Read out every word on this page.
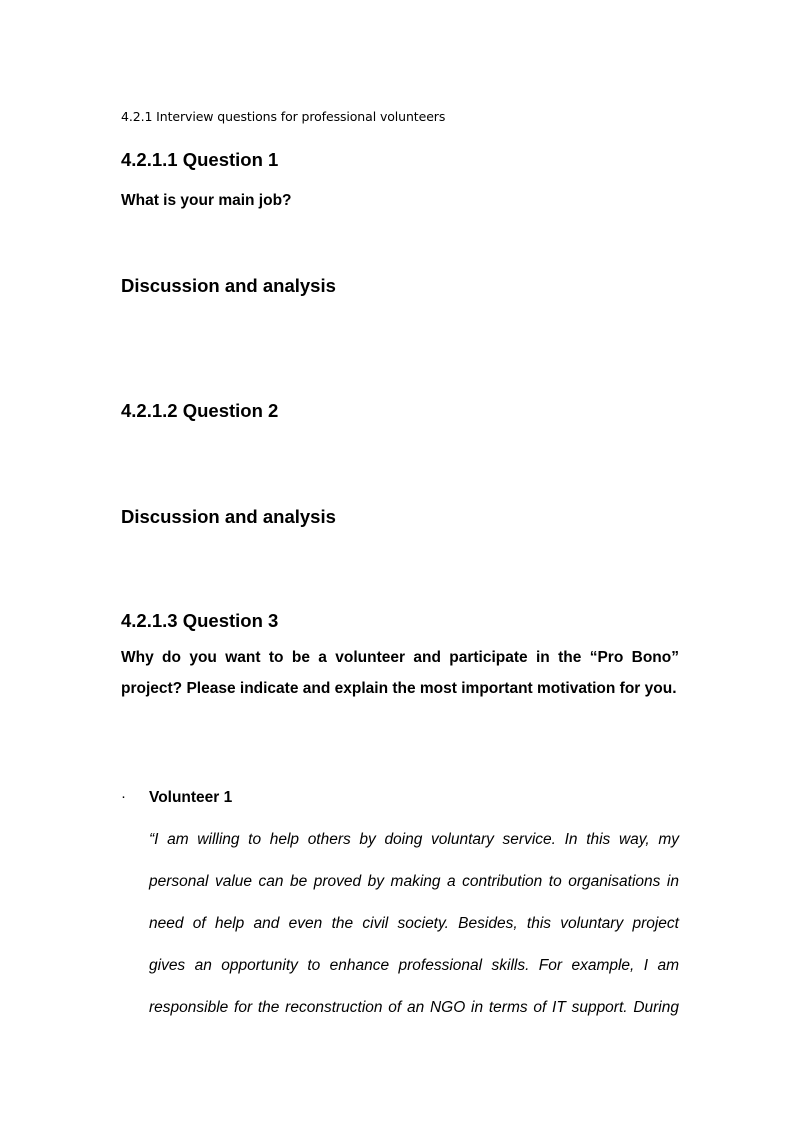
4.2.1 Interview questions for professional volunteers
4.2.1.1 Question 1
What is your main job?
Discussion and analysis
4.2.1.2 Question 2
Discussion and analysis
4.2.1.3 Question 3
Why do you want to be a volunteer and participate in the “Pro Bono” project? Please indicate and explain the most important motivation for you.
· Volunteer 1
“I am willing to help others by doing voluntary service. In this way, my
personal value can be proved by making a contribution to organisations in
need of help and even the civil society. Besides, this voluntary project
gives an opportunity to enhance professional skills. For example, I am
responsible for the reconstruction of an NGO in terms of IT support. During
